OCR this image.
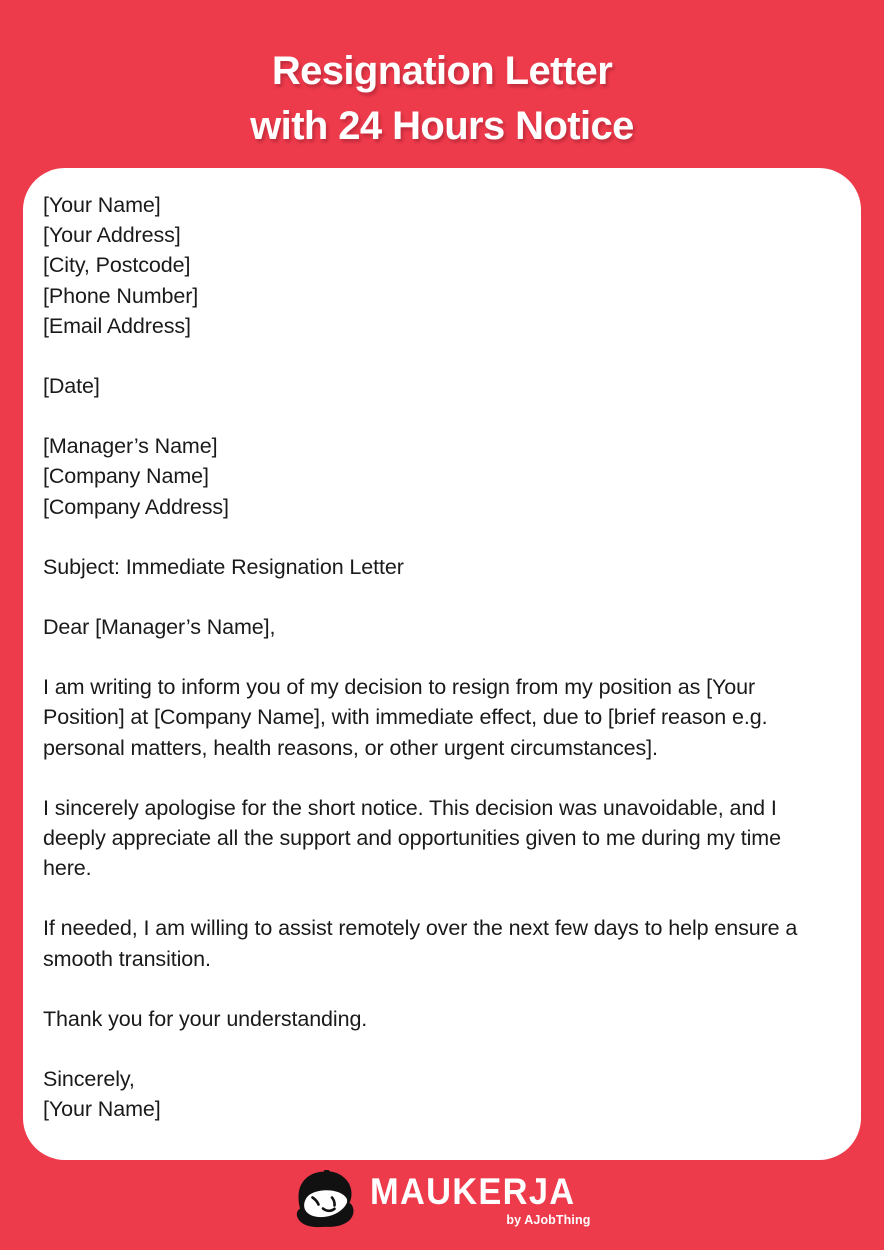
Resignation Letter
with 24 Hours Notice
[Your Name]
[Your Address]
[City, Postcode]
[Phone Number]
[Email Address]
[Date]
[Manager’s Name]
[Company Name]
[Company Address]
Subject: Immediate Resignation Letter
Dear [Manager’s Name],
I am writing to inform you of my decision to resign from my position as [Your Position] at [Company Name], with immediate effect, due to [brief reason e.g. personal matters, health reasons, or other urgent circumstances].
I sincerely apologise for the short notice. This decision was unavoidable, and I deeply appreciate all the support and opportunities given to me during my time here.
If needed, I am willing to assist remotely over the next few days to help ensure a smooth transition.
Thank you for your understanding.
Sincerely,
[Your Name]
MAUKERJA
by AJobThing
